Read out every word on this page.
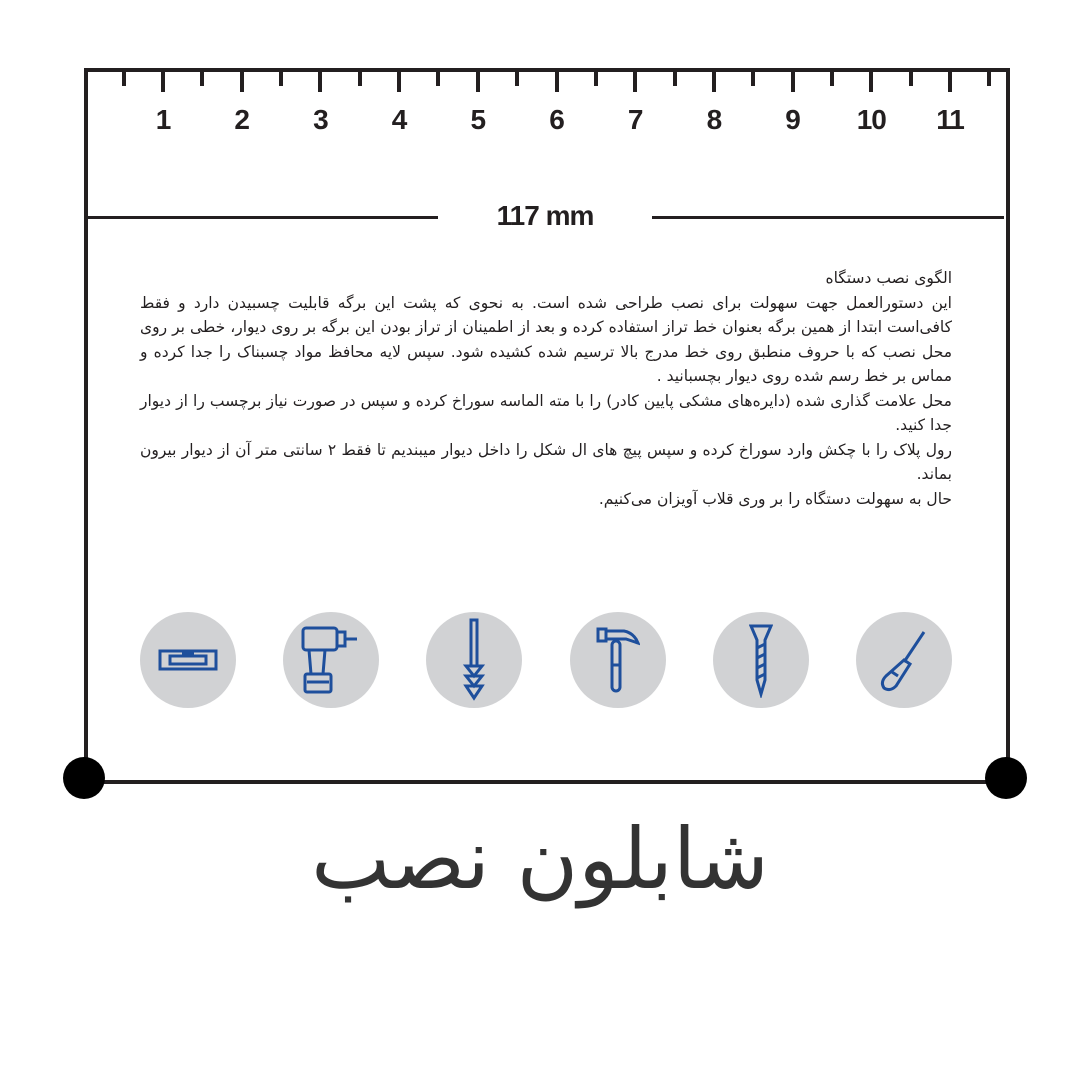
1	2	3	4	5	6	7	8	9	10	11
117 mm

الگوی نصب دستگاه

این دستورالعمل جهت سهولت برای نصب طراحی شده است. به نحوی که پشت این برگه قابلیت چسبیدن دارد و فقط کافی‌است ابتدا از همین برگه بعنوان خط تراز استفاده کرده و بعد از اطمینان از تراز بودن این برگه بر روی دیوار، خطی بر روی محل نصب که با حروف منطبق روی خط مدرج بالا ترسیم شده کشیده شود. سپس لایه محافظ مواد چسبناک را جدا کرده و مماس بر خط رسم شده روی دیوار بچسبانید .

محل علامت گذاری شده (دایره‌های مشکی پایین کادر) را با مته الماسه سوراخ کرده و سپس در صورت نیاز برچسب را از دیوار جدا کنید.

رول پلاک را با چکش وارد سوراخ کرده و سپس پیچ های ال شکل را داخل دیوار میبندیم تا فقط ۲ سانتی متر آن از دیوار بیرون بماند.

حال به سهولت دستگاه را بر وری قلاب آویزان می‌کنیم.

شابلون نصب
